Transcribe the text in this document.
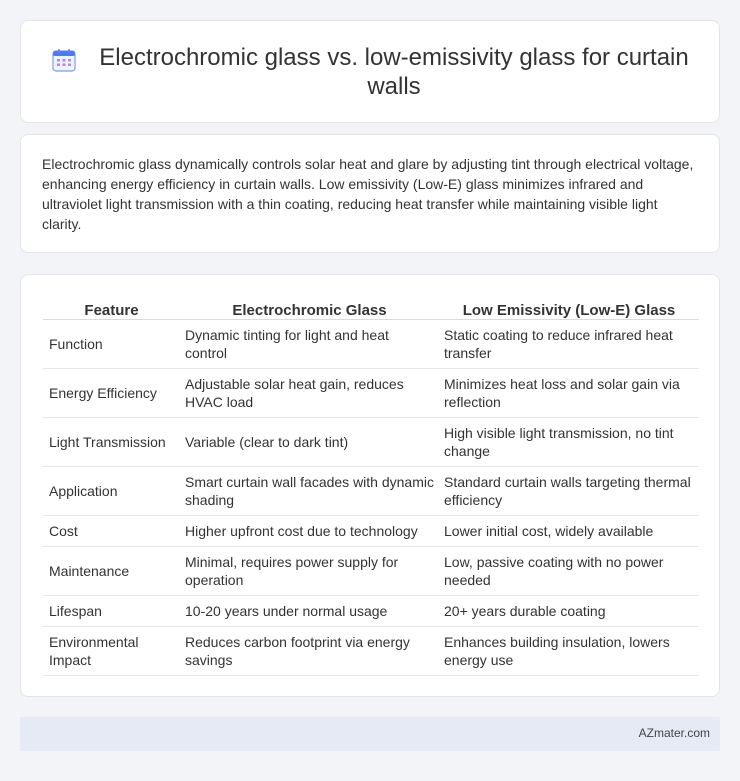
Electrochromic glass vs. low-emissivity glass for curtain walls

Electrochromic glass dynamically controls solar heat and glare by adjusting tint through electrical voltage, enhancing energy efficiency in curtain walls. Low emissivity (Low-E) glass minimizes infrared and ultraviolet light transmission with a thin coating, reducing heat transfer while maintaining visible light clarity.

Feature	Electrochromic Glass	Low Emissivity (Low-E) Glass
Function	Dynamic tinting for light and heat control	Static coating to reduce infrared heat transfer
Energy Efficiency	Adjustable solar heat gain, reduces HVAC load	Minimizes heat loss and solar gain via reflection
Light Transmission	Variable (clear to dark tint)	High visible light transmission, no tint change
Application	Smart curtain wall facades with dynamic shading	Standard curtain walls targeting thermal efficiency
Cost	Higher upfront cost due to technology	Lower initial cost, widely available
Maintenance	Minimal, requires power supply for operation	Low, passive coating with no power needed
Lifespan	10-20 years under normal usage	20+ years durable coating
Environmental Impact	Reduces carbon footprint via energy savings	Enhances building insulation, lowers energy use
AZmater.com
